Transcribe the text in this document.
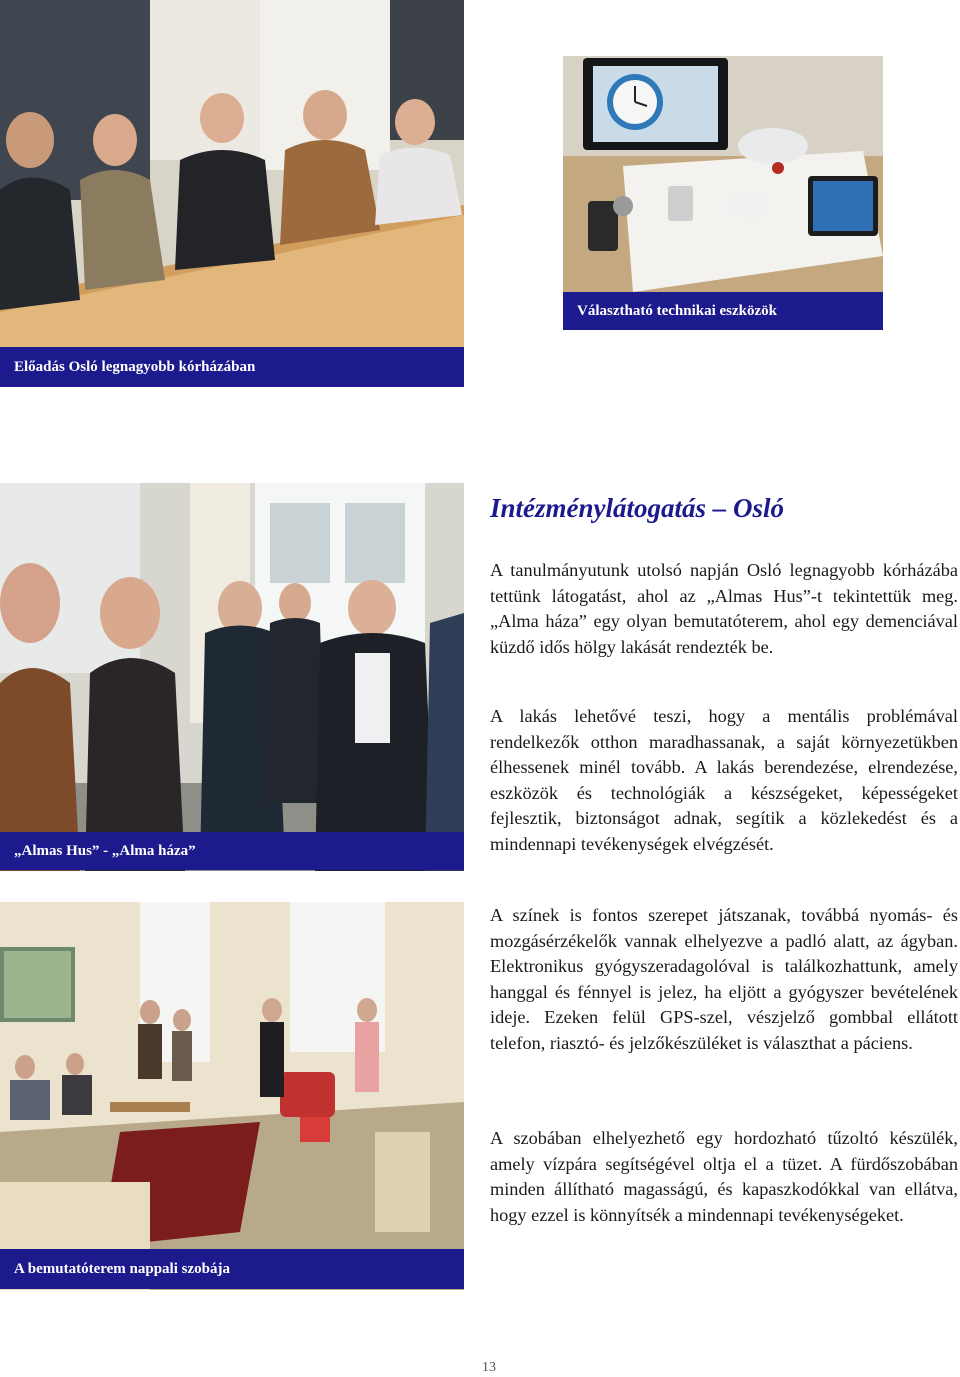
Előadás Osló legnagyobb kórházában
Választható technikai eszközök
„Almas Hus” - „Alma háza”
A bemutatóterem nappali szobája
Intézménylátogatás – Osló

A tanulmányutunk utolsó napján Osló legnagyobb kórházába tettünk látogatást, ahol az „Almas Hus”-t tekintettük meg. „Alma háza” egy olyan bemutatóterem, ahol egy demenciával küzdő idős hölgy lakását rendezték be.

A lakás lehetővé teszi, hogy a mentális problémával rendelkezők otthon maradhassanak, a saját környezetükben élhessenek minél tovább. A lakás berendezése, elrendezése, eszközök és technológiák a készségeket, képességeket fejlesztik, biztonságot adnak, segítik a közlekedést és a mindennapi tevékenységek elvégzését.

A színek is fontos szerepet játszanak, továbbá nyomás- és mozgásérzékelők vannak elhelyezve a padló alatt, az ágyban. Elektronikus gyógyszeradagolóval is találkozhattunk, amely hanggal és fénnyel is jelez, ha eljött a gyógyszer bevételének ideje. Ezeken felül GPS-szel, vészjelző gombbal ellátott telefon, riasztó- és jelzőkészüléket is választhat a páciens.

A szobában elhelyezhető egy hordozható tűzoltó készülék, amely vízpára segítségével oltja el a tüzet. A fürdőszobában minden állítható magasságú, és kapaszkodókkal van ellátva, hogy ezzel is könnyítsék a mindennapi tevékenységeket.

13
